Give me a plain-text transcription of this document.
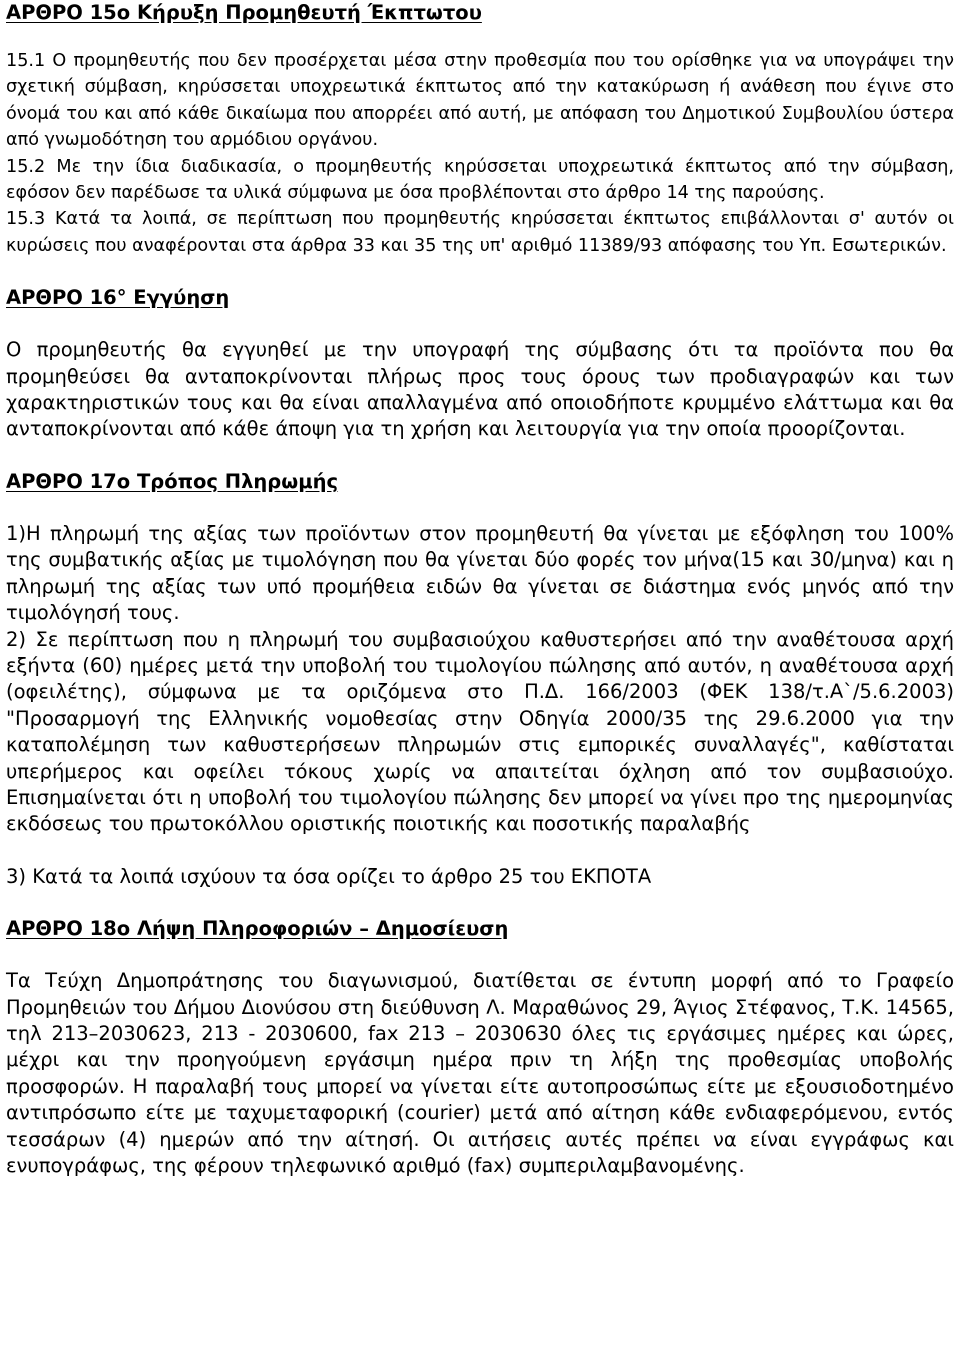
ΑΡΘΡΟ 15ο Κήρυξη Προμηθευτή Έκπτωτου

15.1 Ο προμηθευτής που δεν προσέρχεται μέσα στην προθεσμία που του ορίσθηκε για να υπογράψει την σχετική σύμβαση, κηρύσσεται υποχρεωτικά έκπτωτος από την κατακύρωση ή ανάθεση που έγινε στο όνομά του και από κάθε δικαίωμα που απορρέει από αυτή, με απόφαση του Δημοτικού Συμβουλίου ύστερα από γνωμοδότηση του αρμόδιου οργάνου.

15.2 Με την ίδια διαδικασία, ο προμηθευτής κηρύσσεται υποχρεωτικά έκπτωτος από την σύμβαση, εφόσον δεν παρέδωσε τα υλικά σύμφωνα με όσα προβλέπονται στο άρθρο 14 της παρούσης.

15.3 Κατά τα λοιπά, σε περίπτωση που προμηθευτής κηρύσσεται έκπτωτος επιβάλλονται σ' αυτόν οι κυρώσεις που αναφέρονται στα άρθρα 33 και 35 της υπ' αριθμό 11389/93 απόφασης του Υπ. Εσωτερικών.

ΑΡΘΡΟ 16° Εγγύηση

Ο προμηθευτής θα εγγυηθεί με την υπογραφή της σύμβασης ότι τα προϊόντα που θα προμηθεύσει θα ανταποκρίνονται πλήρως προς τους όρους των προδιαγραφών και των χαρακτηριστικών τους και θα είναι απαλλαγμένα από οποιοδήποτε κρυμμένο ελάττωμα και θα ανταποκρίνονται από κάθε άποψη για τη χρήση και λειτουργία για την οποία προορίζονται.

ΑΡΘΡΟ 17ο Τρόπος Πληρωμής

1)Η πληρωμή της αξίας των προϊόντων στον προμηθευτή θα γίνεται με εξόφληση του 100% της συμβατικής αξίας με τιμολόγηση που θα γίνεται δύο φορές τον μήνα(15 και 30/μηνα) και η πληρωμή της αξίας των υπό προμήθεια ειδών θα γίνεται σε διάστημα ενός μηνός από την τιμολόγησή τους.

2) Σε περίπτωση που η πληρωμή του συμβασιούχου καθυστερήσει από την αναθέτουσα αρχή εξήντα (60) ημέρες μετά την υποβολή του τιμολογίου πώλησης από αυτόν, η αναθέτουσα αρχή (οφειλέτης), σύμφωνα με τα οριζόμενα στο Π.Δ. 166/2003 (ΦΕΚ 138/τ.Α`/5.6.2003) "Προσαρμογή της Ελληνικής νομοθεσίας στην Οδηγία 2000/35 της 29.6.2000 για την καταπολέμηση των καθυστερήσεων πληρωμών στις εμπορικές συναλλαγές", καθίσταται υπερήμερος και οφείλει τόκους χωρίς να απαιτείται όχληση από τον συμβασιούχο. Επισημαίνεται ότι η υποβολή του τιμολογίου πώλησης δεν μπορεί να γίνει προ της ημερομηνίας εκδόσεως του πρωτοκόλλου οριστικής ποιοτικής και ποσοτικής παραλαβής

3) Κατά τα λοιπά ισχύουν τα όσα ορίζει το άρθρο 25 του ΕΚΠΟΤΑ

ΑΡΘΡΟ 18ο Λήψη Πληροφοριών – Δημοσίευση

Τα Τεύχη Δημοπράτησης του διαγωνισμού, διατίθεται σε έντυπη μορφή από το Γραφείο Προμηθειών του Δήμου Διονύσου στη διεύθυνση Λ. Μαραθώνος 29, Άγιος Στέφανος, Τ.Κ. 14565, τηλ 213–2030623, 213 - 2030600, fax 213 – 2030630 όλες τις εργάσιμες ημέρες και ώρες, μέχρι και την προηγούμενη εργάσιμη ημέρα πριν τη λήξη της προθεσμίας υποβολής προσφορών. Η παραλαβή τους μπορεί να γίνεται είτε αυτοπροσώπως είτε με εξουσιοδοτημένο αντιπρόσωπο είτε με ταχυμεταφορική (courier) μετά από αίτηση κάθε ενδιαφερόμενου, εντός τεσσάρων (4) ημερών από την αίτησή. Οι αιτήσεις αυτές πρέπει να είναι εγγράφως και ενυπογράφως, της φέρουν τηλεφωνικό αριθμό (fax) συμπεριλαμβανομένης.
